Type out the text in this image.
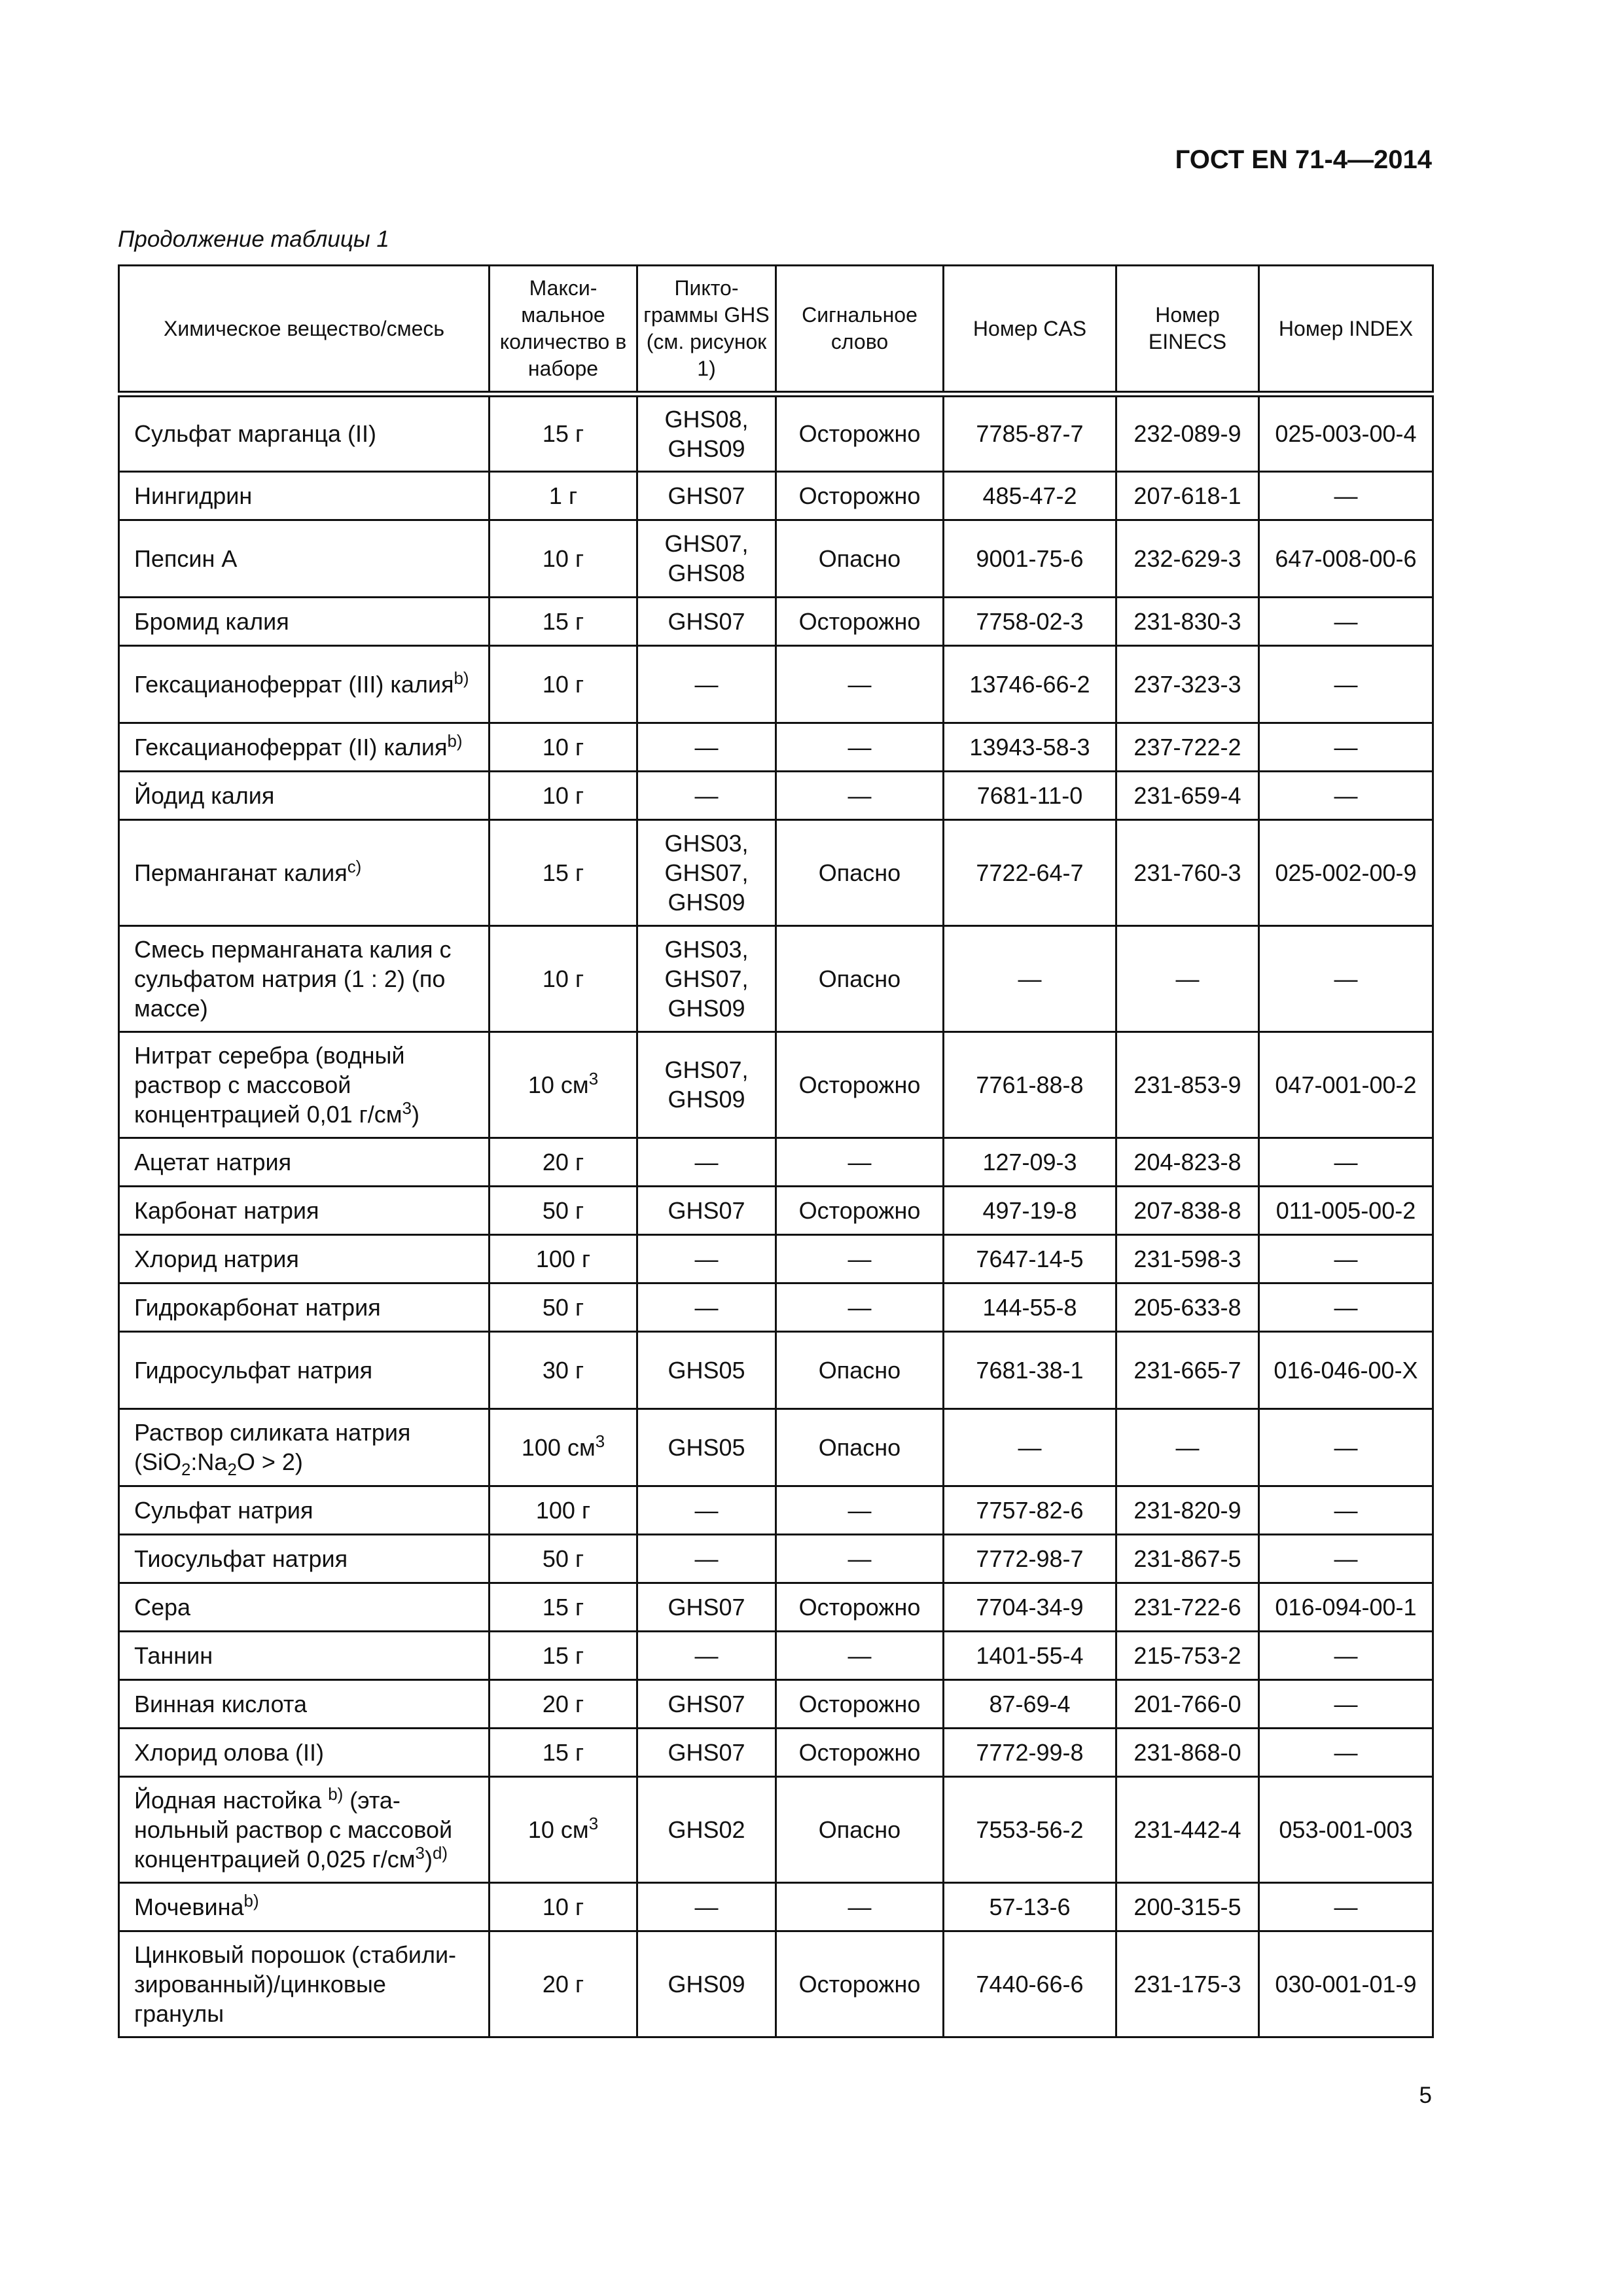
ГОСТ EN 71-4—2014
Продолжение таблицы 1
Химическое вещество/смесь	Макси-мальное количество в наборе	Пикто-граммы GHS (см. рисунок 1)	Сигнальное слово	Номер CAS	Номер EINECS	Номер INDEX
Сульфат марганца (II)	15 г	GHS08, GHS09	Осторожно	7785-87-7	232-089-9	025-003-00-4
Нингидрин	1 г	GHS07	Осторожно	485-47-2	207-618-1	—
Пепсин А	10 г	GHS07, GHS08	Опасно	9001-75-6	232-629-3	647-008-00-6
Бромид калия	15 г	GHS07	Осторожно	7758-02-3	231-830-3	—
Гексацианоферрат (III) калия$^{b)}$	10 г	—	—	13746-66-2	237-323-3	—
Гексацианоферрат (II) калия$^{b)}$	10 г	—	—	13943-58-3	237-722-2	—
Йодид калия	10 г	—	—	7681-11-0	231-659-4	—
Перманганат калия$^{c)}$	15 г	GHS03, GHS07, GHS09	Опасно	7722-64-7	231-760-3	025-002-00-9
Смесь перманганата калия с сульфатом натрия (1 : 2) (по массе)	10 г	GHS03, GHS07, GHS09	Опасно	—	—	—
Нитрат серебра (водный раствор с массовой концентрацией 0,01 $г/см^3$)	10 $см^3$	GHS07, GHS09	Осторожно	7761-88-8	231-853-9	047-001-00-2
Ацетат натрия	20 г	—	—	127-09-3	204-823-8	—
Карбонат натрия	50 г	GHS07	Осторожно	497-19-8	207-838-8	011-005-00-2
Хлорид натрия	100 г	—	—	7647-14-5	231-598-3	—
Гидрокарбонат натрия	50 г	—	—	144-55-8	205-633-8	—
Гидросульфат натрия	30 г	GHS05	Опасно	7681-38-1	231-665-7	016-046-00-X
Раствор силиката натрия $(SiO_2:Na_2O > 2)$	100 $см^3$	GHS05	Опасно	—	—	—
Сульфат натрия	100 г	—	—	7757-82-6	231-820-9	—
Тиосульфат натрия	50 г	—	—	7772-98-7	231-867-5	—
Сера	15 г	GHS07	Осторожно	7704-34-9	231-722-6	016-094-00-1
Таннин	15 г	—	—	1401-55-4	215-753-2	—
Винная кислота	20 г	GHS07	Осторожно	87-69-4	201-766-0	—
Хлорид олова (II)	15 г	GHS07	Осторожно	7772-99-8	231-868-0	—
Йодная настойка $^{b)}$ (эта-нольный раствор с массовой концентрацией 0,025 $г/см^3)^{d)}$	10 $см^3$	GHS02	Опасно	7553-56-2	231-442-4	053-001-003
Мочевина$^{b)}$	10 г	—	—	57-13-6	200-315-5	—
Цинковый порошок (стабили-зированный)/цинковые гранулы	20 г	GHS09	Осторожно	7440-66-6	231-175-3	030-001-01-9
5
